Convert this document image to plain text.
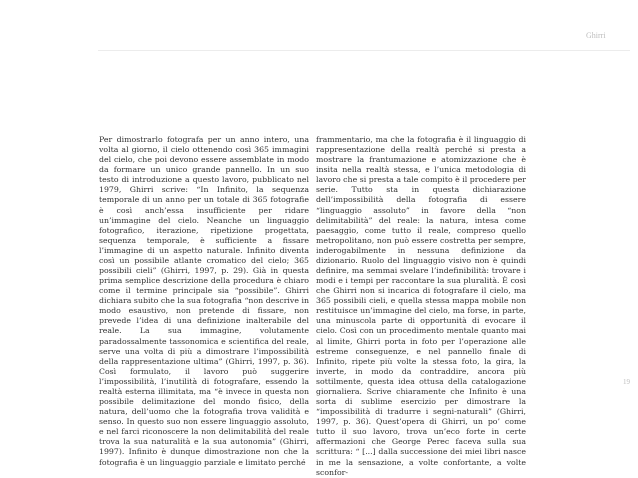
Ghirri

Per dimostrarlo fotografa per un anno intero, una volta al giorno, il cielo ottenendo così 365 immagini del cielo, che poi devono essere assemblate in modo da formare un unico grande pannello. In un suo testo di introduzione a questo lavoro, pubblicato nel 1979, Ghirri scrive: “In Infinito, la sequenza temporale di un anno per un totale di 365 fotografie è così anch’essa insufficiente per ridare un’immagine del cielo. Neanche un linguaggio fotografico, iterazione, ripetizione progettata, sequenza temporale, è sufficiente a fissare l’immagine di un aspetto naturale. Infinito diventa così un possibile atlante cromatico del cielo; 365 possibili cieli” (Ghirri, 1997, p. 29). Già in questa prima semplice descrizione della procedura è chiaro come il termine principale sia “possibile”. Ghirri dichiara subito che la sua fotografia “non descrive in modo esaustivo, non pretende di fissare, non prevede l’idea di una definizione inalterabile del reale. La sua immagine, volutamente paradossalmente tassonomica e scientifica del reale, serve una volta di più a dimostrare l’impossibilità della rappresentazione ultima” (Ghirri, 1997, p. 36). Così formulato, il lavoro può suggerire l’impossibilità, l’inutilità di fotografare, essendo la realtà esterna illimitata, ma “è invece in questa non possibile delimitazione del mondo fisico, della natura, dell’uomo che la fotografia trova validità e senso. In questo suo non essere linguaggio assoluto, e nel farci riconoscere la non delimitabilità del reale trova la sua naturalità e la sua autonomia” (Ghirri, 1997). Infinito è dunque dimostrazione non che la fotografia è un linguaggio parziale e limitato perché

frammentario, ma che la fotografia è il linguaggio di rappresentazione della realtà perché si presta a mostrare la frantumazione e atomizzazione che è insita nella realtà stessa, e l’unica metodologia di lavoro che si presta a tale compito è il procedere per serie. Tutto sta in questa dichiarazione dell’impossibilità della fotografia di essere “linguaggio assoluto” in favore della “non delimitabilità” del reale: la natura, intesa come paesaggio, come tutto il reale, compreso quello metropolitano, non può essere costretta per sempre, inderogabilmente in nessuna definizione da dizionario. Ruolo del linguaggio visivo non è quindi definire, ma semmai svelare l’indefinibilità: trovare i modi e i tempi per raccontare la sua pluralità. È così che Ghirri non si incarica di fotografare il cielo, ma 365 possibili cieli, e quella stessa mappa mobile non restituisce un’immagine del cielo, ma forse, in parte, una minuscola parte di opportunità di evocare il cielo. Così con un procedimento mentale quanto mai al limite, Ghirri porta in foto per l’operazione alle estreme conseguenze, e nel pannello finale di Infinito, ripete più volte la stessa foto, la gira, la inverte, in modo da contraddire, ancora più sottilmente, questa idea ottusa della catalogazione giornaliera. Scrive chiaramente che Infinito è una sorta di sublime esercizio per dimostrare la “impossibilità di tradurre i segni-naturali” (Ghirri, 1997, p. 36). Quest’opera di Ghirri, un po’ come tutto il suo lavoro, trova un’eco forte in certe affermazioni che George Perec faceva sulla sua scrittura: “ [...] dalla successione dei miei libri nasce in me la sensazione, a volte confortante, a volte sconfor-

19
